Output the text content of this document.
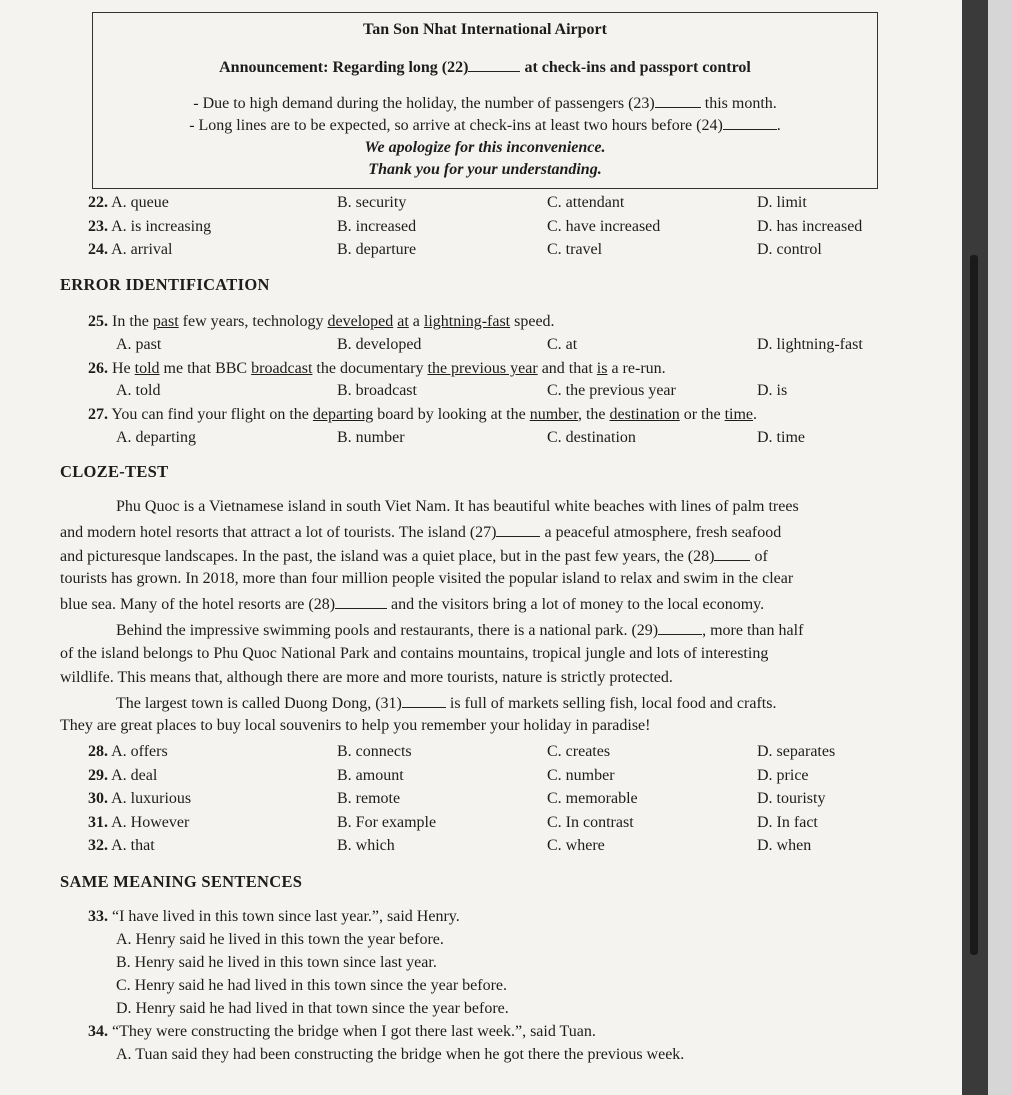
Tan Son Nhat International Airport
Announcement: Regarding long (22)	at check-ins and passport control
- Due to high demand during the holiday, the number of passengers (23)	this month.
- Long lines are to be expected, so arrive at check-ins at least two hours before (24)	.
We apologize for this inconvenience.
Thank you for your understanding.
22. A. queue	B. security	C. attendant	D. limit
23. A. is increasing	B. increased	C. have increased	D. has increased
24. A. arrival	B. departure	C. travel	D. control
ERROR IDENTIFICATION
25. In the past few years, technology developed at a lightning-fast speed.
A. past	B. developed	C. at	D. lightning-fast
26. He told me that BBC broadcast the documentary the previous year and that is a re-run.
A. told	B. broadcast	C. the previous year	D. is
27. You can find your flight on the departing board by looking at the number, the destination or the time.
A. departing	B. number	C. destination	D. time
CLOZE-TEST
Phu Quoc is a Vietnamese island in south Viet Nam. It has beautiful white beaches with lines of palm trees
and modern hotel resorts that attract a lot of tourists. The island (27)	a peaceful atmosphere, fresh seafood
and picturesque landscapes. In the past, the island was a quiet place, but in the past few years, the (28) of
tourists has grown. In 2018, more than four million people visited the popular island to relax and swim in the clear
blue sea. Many of the hotel resorts are (28)	and the visitors bring a lot of money to the local economy.
Behind the impressive swimming pools and restaurants, there is a national park. (29)	, more than half
of the island belongs to Phu Quoc National Park and contains mountains, tropical jungle and lots of interesting
wildlife. This means that, although there are more and more tourists, nature is strictly protected.
The largest town is called Duong Dong, (31)	is full of markets selling fish, local food and crafts.
They are great places to buy local souvenirs to help you remember your holiday in paradise!
28. A. offers	B. connects	C. creates	D. separates
29. A. deal	B. amount	C. number	D. price
30. A. luxurious	B. remote	C. memorable	D. touristy
31. A. However	B. For example	C. In contrast	D. In fact
32. A. that	B. which	C. where	D. when
SAME MEANING SENTENCES
33. “I have lived in this town since last year.”, said Henry.
A. Henry said he lived in this town the year before.
B. Henry said he lived in this town since last year.
C. Henry said he had lived in this town since the year before.
D. Henry said he had lived in that town since the year before.
34. “They were constructing the bridge when I got there last week.”, said Tuan.
A. Tuan said they had been constructing the bridge when he got there the previous week.
